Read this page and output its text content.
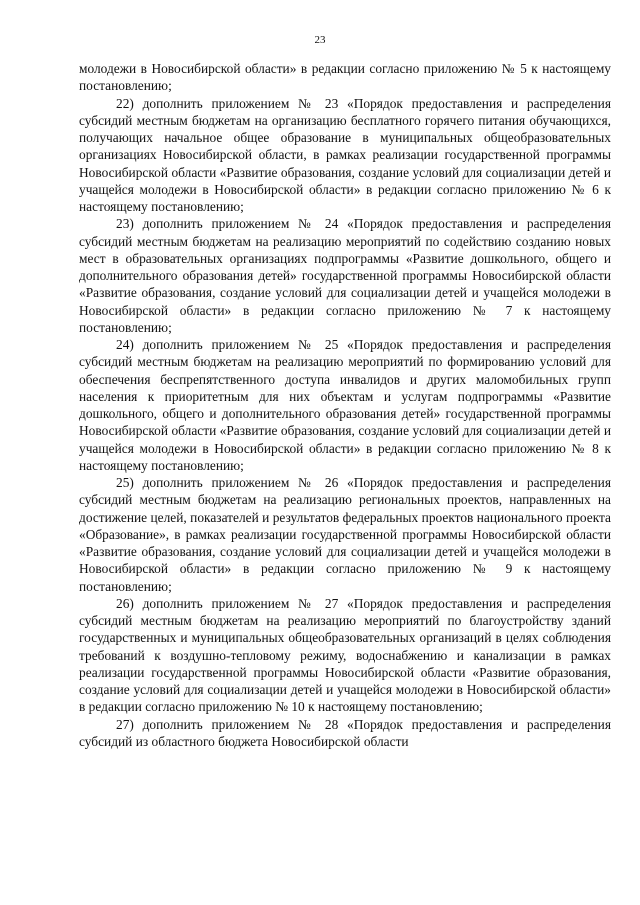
23

молодежи в Новосибирской области» в редакции согласно приложению № 5 к настоящему постановлению;

22) дополнить приложением № 23 «Порядок предоставления и распределения субсидий местным бюджетам на организацию бесплатного горячего питания обучающихся, получающих начальное общее образование в муниципальных общеобразовательных организациях Новосибирской области, в рамках реализации государственной программы Новосибирской области «Развитие образования, создание условий для социализации детей и учащейся молодежи в Новосибирской области» в редакции согласно приложению № 6 к настоящему постановлению;

23) дополнить приложением № 24 «Порядок предоставления и распределения субсидий местным бюджетам на реализацию мероприятий по содействию созданию новых мест в образовательных организациях подпрограммы «Развитие дошкольного, общего и дополнительного образования детей» государственной программы Новосибирской области «Развитие образования, создание условий для социализации детей и учащейся молодежи в Новосибирской области» в редакции согласно приложению № 7 к настоящему постановлению;

24) дополнить приложением № 25 «Порядок предоставления и распределения субсидий местным бюджетам на реализацию мероприятий по формированию условий для обеспечения беспрепятственного доступа инвалидов и других маломобильных групп населения к приоритетным для них объектам и услугам подпрограммы «Развитие дошкольного, общего и дополнительного образования детей» государственной программы Новосибирской области «Развитие образования, создание условий для социализации детей и учащейся молодежи в Новосибирской области» в редакции согласно приложению № 8 к настоящему постановлению;

25) дополнить приложением № 26 «Порядок предоставления и распределения субсидий местным бюджетам на реализацию региональных проектов, направленных на достижение целей, показателей и результатов федеральных проектов национального проекта «Образование», в рамках реализации государственной программы Новосибирской области «Развитие образования, создание условий для социализации детей и учащейся молодежи в Новосибирской области» в редакции согласно приложению № 9 к настоящему постановлению;

26) дополнить приложением № 27 «Порядок предоставления и распределения субсидий местным бюджетам на реализацию мероприятий по благоустройству зданий государственных и муниципальных общеобразовательных организаций в целях соблюдения требований к воздушно-тепловому режиму, водоснабжению и канализации в рамках реализации государственной программы Новосибирской области «Развитие образования, создание условий для социализации детей и учащейся молодежи в Новосибирской области» в редакции согласно приложению № 10 к настоящему постановлению;

27) дополнить приложением № 28 «Порядок предоставления и распределения субсидий из областного бюджета Новосибирской области
